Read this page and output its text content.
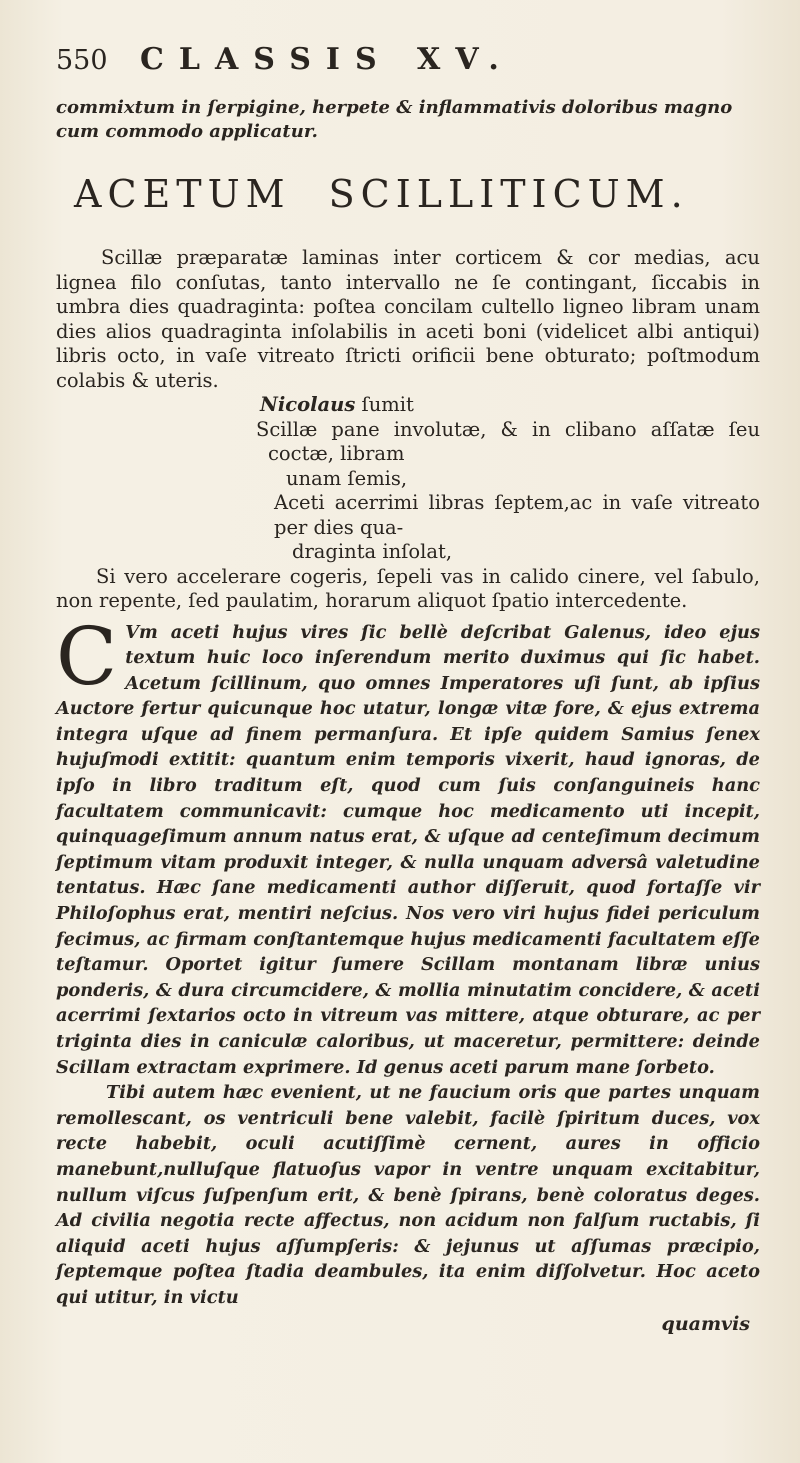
550	CLASSIS XV.
commixtum in ſerpigine, herpete & inflammativis doloribus magno cum commodo applicatur.
ACETUM SCILLITICUM.

Scillæ præparatæ laminas inter corticem & cor medias, acu lignea filo conſutas, tanto intervallo ne ſe contingant, ſiccabis in umbra dies quadraginta: poſtea concilam cultello ligneo libram unam dies alios quadraginta inſolabilis in aceti boni (videlicet albi antiqui) libris octo, in vaſe vitreato ſtricti orificii bene obturato; poſtmodum colabis & uteris.

Nicolaus ſumit

Scillæ pane involutæ, & in clibano aſſatæ ſeu coctæ, libram

unam ſemis,

Aceti acerrimi libras ſeptem,ac in vaſe vitreato per dies qua-

draginta inſolat,

Si vero accelerare cogeris, ſepeli vas in calido cinere, vel ſabulo, non repente, ſed paulatim, horarum aliquot ſpatio intercedente.

C Vm aceti hujus vires ſic bellè deſcribat Galenus, ideo ejus textum huic loco inſerendum merito duximus qui ſic habet. Acetum ſcillinum, quo omnes Imperatores uſi ſunt, ab ipſius Auctore fertur quicunque hoc utatur, longæ vitæ fore, & ejus extrema integra uſque ad finem permanſura. Et ipſe quidem Samius ſenex hujuſmodi extitit: quantum enim temporis vixerit, haud ignoras, de ipſo in libro traditum eſt, quod cum ſuis conſanguineis hanc facultatem communicavit: cumque hoc medicamento uti incepit, quinquageſimum annum natus erat, & uſque ad centeſimum decimum ſeptimum vitam produxit integer, & nulla unquam adversâ valetudine tentatus. Hæc ſane medicamenti author diſſeruit, quod fortaſſe vir Philoſophus erat, mentiri neſcius. Nos vero viri hujus fidei periculum fecimus, ac firmam conſtantemque hujus medicamenti facultatem eſſe teſtamur. Oportet igitur ſumere Scillam montanam libræ unius ponderis, & dura circumcidere, & mollia minutatim concidere, & aceti acerrimi ſextarios octo in vitreum vas mittere, atque obturare, ac per triginta dies in caniculæ caloribus, ut maceretur, permittere: deinde Scillam extractam exprimere. Id genus aceti parum mane ſorbeto.

Tibi autem hæc evenient, ut ne faucium oris que partes unquam remollescant, os ventriculi bene valebit, facilè ſpiritum duces, vox recte habebit, oculi acutiſſimè cernent, aures in officio manebunt,nulluſque flatuoſus vapor in ventre unquam excitabitur, nullum viſcus ſuſpenſum erit, & benè ſpirans, benè coloratus deges. Ad civilia negotia recte affectus, non acidum non falſum ructabis, ſi aliquid aceti hujus aſſumpſeris: & jejunus ut aſſumas præcipio, ſeptemque poſtea ſtadia deambules, ita enim diſſolvetur. Hoc aceto qui utitur, in victu

quamvis
